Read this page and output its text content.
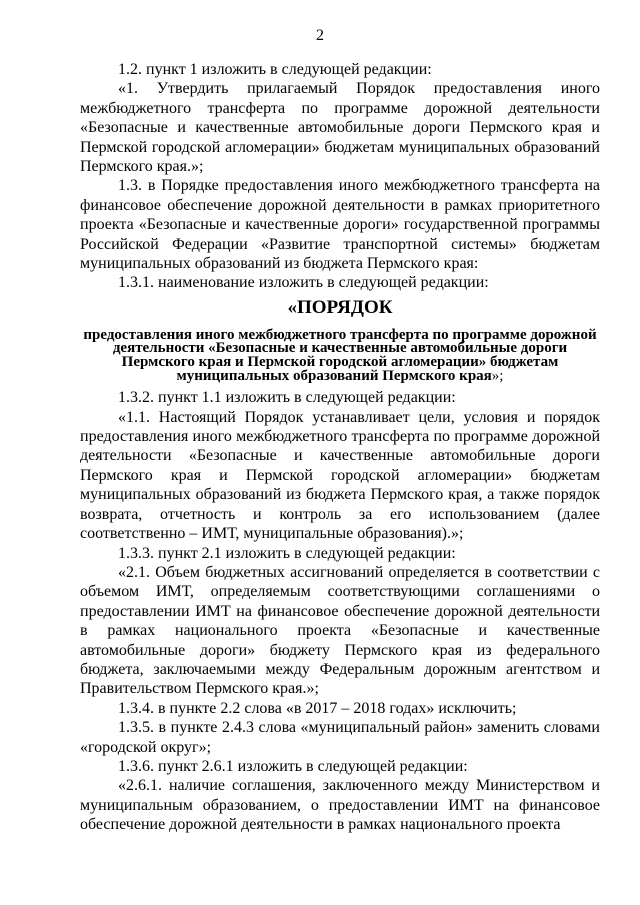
2

1.2. пункт 1 изложить в следующей редакции:

«1. Утвердить прилагаемый Порядок предоставления иного межбюджетного трансферта по программе дорожной деятельности «Безопасные и качественные автомобильные дороги Пермского края и Пермской городской агломерации» бюджетам муниципальных образований Пермского края.»;

1.3. в Порядке предоставления иного межбюджетного трансферта на финансовое обеспечение дорожной деятельности в рамках приоритетного проекта «Безопасные и качественные дороги» государственной программы Российской Федерации «Развитие транспортной системы» бюджетам муниципальных образований из бюджета Пермского края:

1.3.1. наименование изложить в следующей редакции:

«ПОРЯДОК

предоставления иного межбюджетного трансферта по программе дорожной деятельности «Безопасные и качественные автомобильные дороги Пермского края и Пермской городской агломерации» бюджетам муниципальных образований Пермского края»;

1.3.2. пункт 1.1 изложить в следующей редакции:

«1.1. Настоящий Порядок устанавливает цели, условия и порядок предоставления иного межбюджетного трансферта по программе дорожной деятельности «Безопасные и качественные автомобильные дороги Пермского края и Пермской городской агломерации» бюджетам муниципальных образований из бюджета Пермского края, а также порядок возврата, отчетность и контроль за его использованием (далее соответственно – ИМТ, муниципальные образования).»;

1.3.3. пункт 2.1 изложить в следующей редакции:

«2.1. Объем бюджетных ассигнований определяется в соответствии с объемом ИМТ, определяемым соответствующими соглашениями о предоставлении ИМТ на финансовое обеспечение дорожной деятельности в рамках национального проекта «Безопасные и качественные автомобильные дороги» бюджету Пермского края из федерального бюджета, заключаемыми между Федеральным дорожным агентством и Правительством Пермского края.»;

1.3.4. в пункте 2.2 слова «в 2017 – 2018 годах» исключить;

1.3.5. в пункте 2.4.3 слова «муниципальный район» заменить словами «городской округ»;

1.3.6. пункт 2.6.1 изложить в следующей редакции:

«2.6.1. наличие соглашения, заключенного между Министерством и муниципальным образованием, о предоставлении ИМТ на финансовое обеспечение дорожной деятельности в рамках национального проекта
